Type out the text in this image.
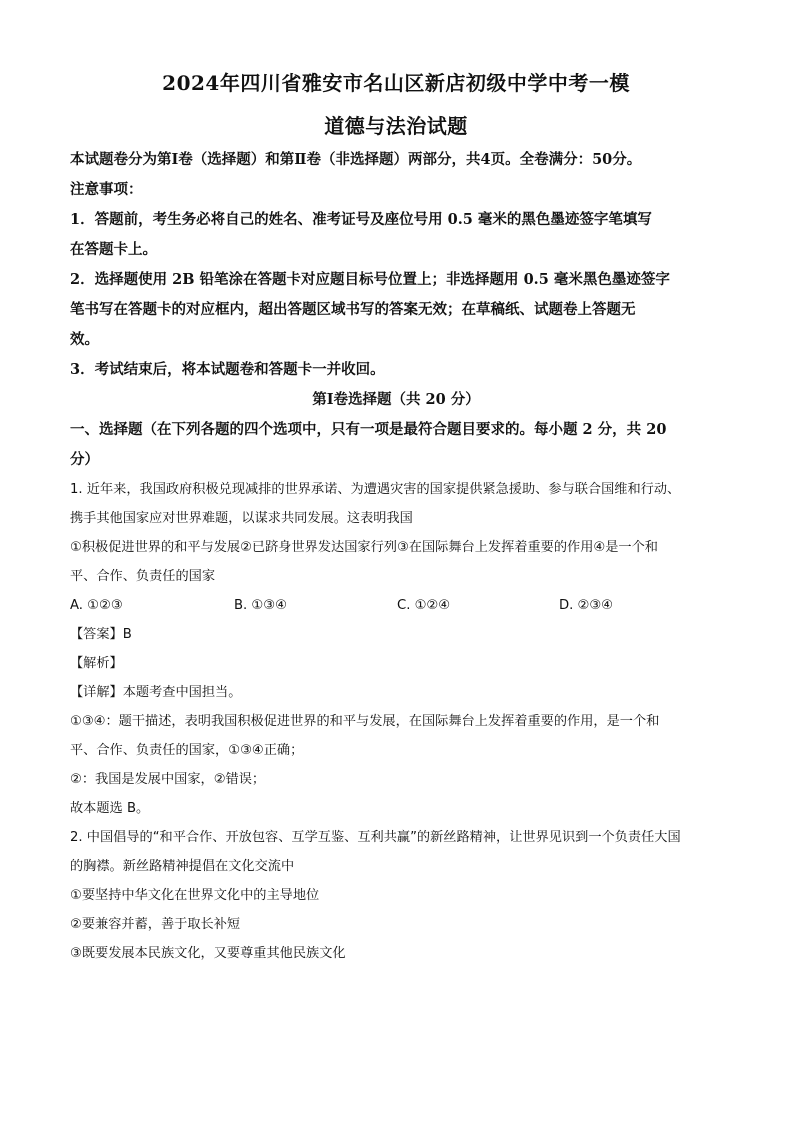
2024年四川省雅安市名山区新店初级中学中考一模
道德与法治试题
本试题卷分为第Ⅰ卷（选择题）和第Ⅱ卷（非选择题）两部分，共4页。全卷满分：50分。
注意事项：
1．答题前，考生务必将自己的姓名、准考证号及座位号用 0.5 毫米的黑色墨迹签字笔填写
在答题卡上。
2．选择题使用 2B 铅笔涂在答题卡对应题目标号位置上；非选择题用 0.5 毫米黑色墨迹签字
笔书写在答题卡的对应框内，超出答题区域书写的答案无效；在草稿纸、试题卷上答题无
效。
3．考试结束后，将本试题卷和答题卡一并收回。
第Ⅰ卷选择题（共 20 分）
一、选择题（在下列各题的四个选项中，只有一项是最符合题目要求的。每小题 2 分，共 20
分）
1. 近年来，我国政府积极兑现减排的世界承诺、为遭遇灾害的国家提供紧急援助、参与联合国维和行动、
携手其他国家应对世界难题，以谋求共同发展。这表明我国
①积极促进世界的和平与发展②已跻身世界发达国家行列③在国际舞台上发挥着重要的作用④是一个和
平、合作、负责任的国家
A. ①②③	B. ①③④	C. ①②④	D. ②③④
【答案】B
【解析】
【详解】本题考查中国担当。
①③④：题干描述，表明我国积极促进世界的和平与发展，在国际舞台上发挥着重要的作用，是一个和
平、合作、负责任的国家，①③④正确；
②：我国是发展中国家，②错误；
故本题选 B。
2. 中国倡导的“和平合作、开放包容、互学互鉴、互利共赢”的新丝路精神，让世界见识到一个负责任大国
的胸襟。新丝路精神提倡在文化交流中
①要坚持中华文化在世界文化中的主导地位
②要兼容并蓄，善于取长补短
③既要发展本民族文化，又要尊重其他民族文化
